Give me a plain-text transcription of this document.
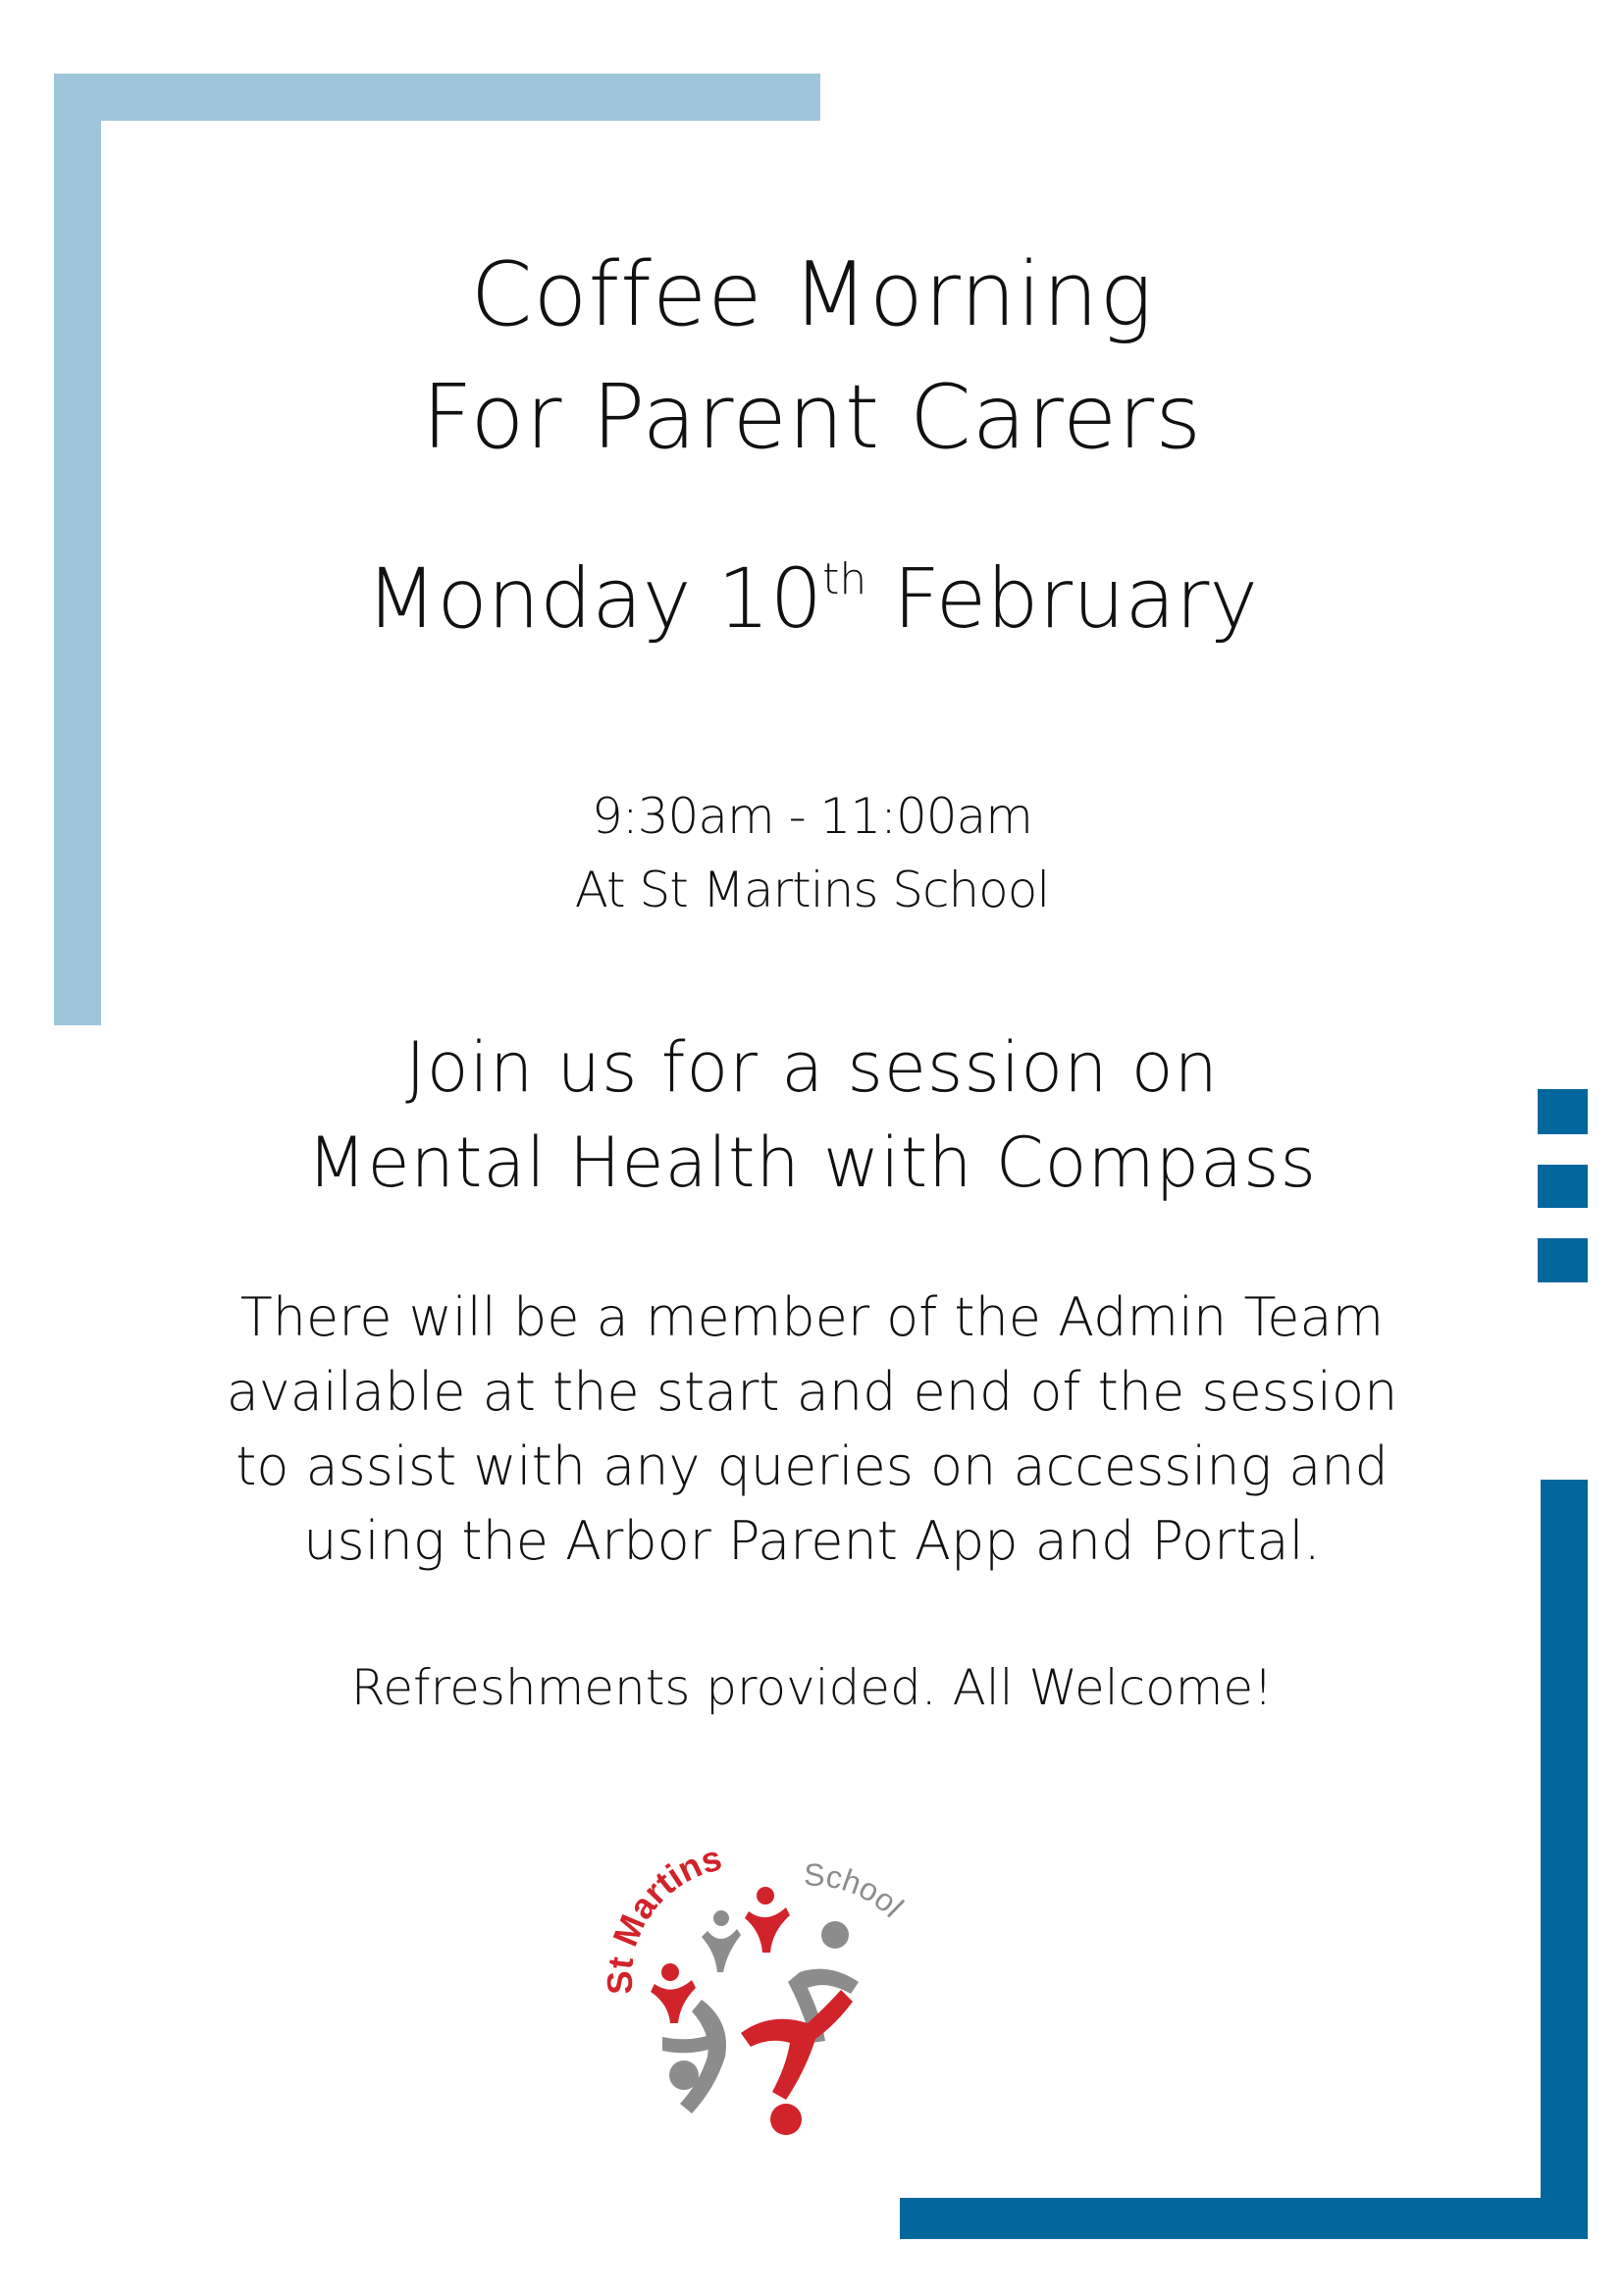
Coffee Morning
For Parent Carers
Monday 10th February
9:30am - 11:00am
At St Martins School
Join us for a session on
Mental Health with Compass
There will be a member of the Admin Team
available at the start and end of the session
to assist with any queries on accessing and
using the Arbor Parent App and Portal.
Refreshments provided. All Welcome!
St Martins School
